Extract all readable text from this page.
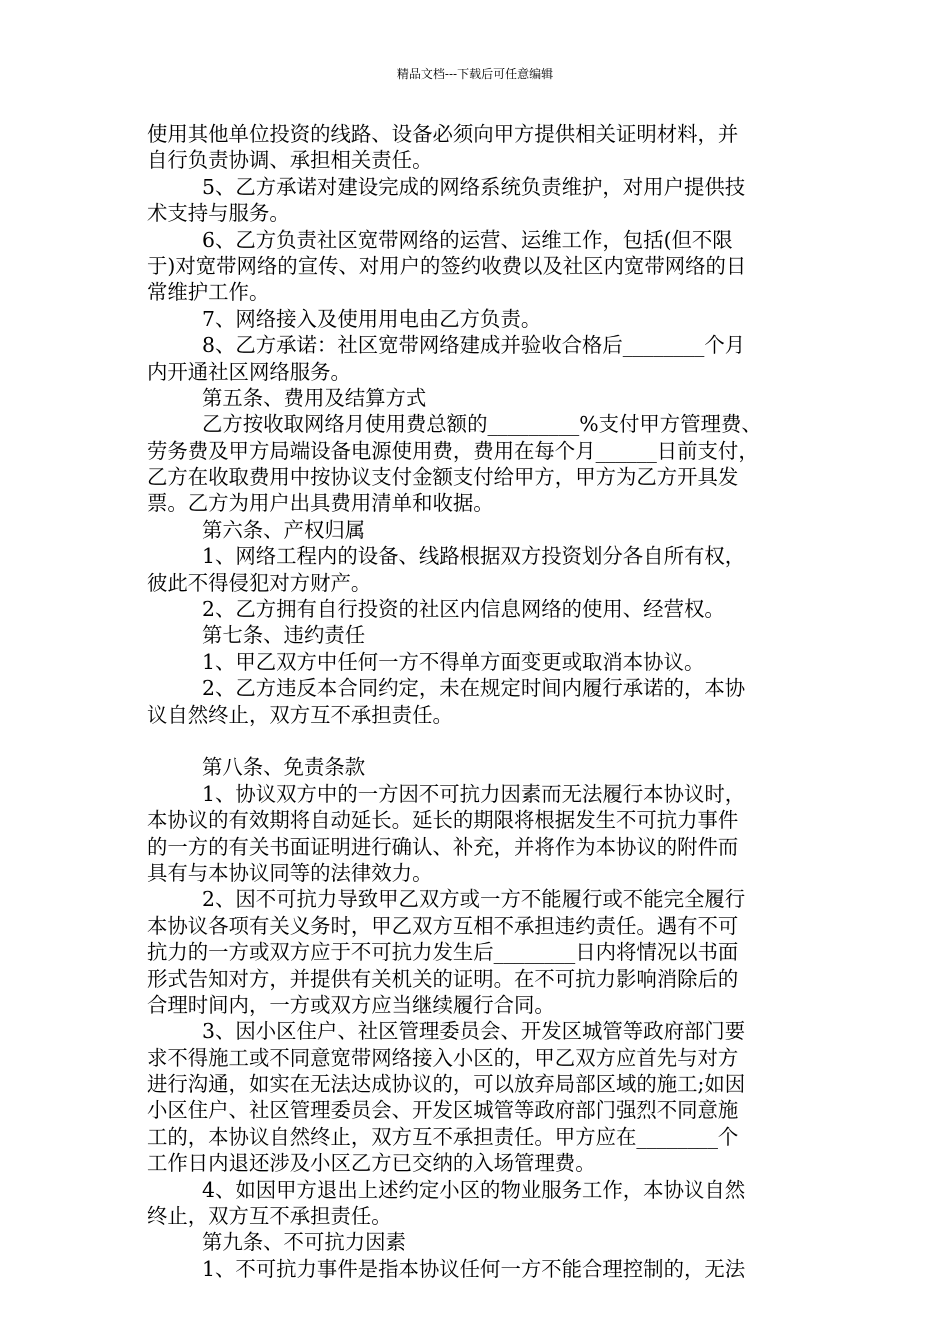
精品文档---下载后可任意编辑
使用其他单位投资的线路、设备必须向甲方提供相关证明材料，并
自行负责协调、承担相关责任。
5、乙方承诺对建设完成的网络系统负责维护，对用户提供技
术支持与服务。
6、乙方负责社区宽带网络的运营、运维工作，包括(但不限
于)对宽带网络的宣传、对用户的签约收费以及社区内宽带网络的日
常维护工作。
7、网络接入及使用用电由乙方负责。
8、乙方承诺：社区宽带网络建成并验收合格后________个月
内开通社区网络服务。
第五条、费用及结算方式
乙方按收取网络月使用费总额的_________%支付甲方管理费、
劳务费及甲方局端设备电源使用费，费用在每个月______日前支付，
乙方在收取费用中按协议支付金额支付给甲方，甲方为乙方开具发
票。乙方为用户出具费用清单和收据。
第六条、产权归属
1、网络工程内的设备、线路根据双方投资划分各自所有权，
彼此不得侵犯对方财产。
2、乙方拥有自行投资的社区内信息网络的使用、经营权。
第七条、违约责任
1、甲乙双方中任何一方不得单方面变更或取消本协议。
2、乙方违反本合同约定，未在规定时间内履行承诺的，本协
议自然终止，双方互不承担责任。
第八条、免责条款
1、协议双方中的一方因不可抗力因素而无法履行本协议时，
本协议的有效期将自动延长。延长的期限将根据发生不可抗力事件
的一方的有关书面证明进行确认、补充，并将作为本协议的附件而
具有与本协议同等的法律效力。
2、因不可抗力导致甲乙双方或一方不能履行或不能完全履行
本协议各项有关义务时，甲乙双方互相不承担违约责任。遇有不可
抗力的一方或双方应于不可抗力发生后________日内将情况以书面
形式告知对方，并提供有关机关的证明。在不可抗力影响消除后的
合理时间内，一方或双方应当继续履行合同。
3、因小区住户、社区管理委员会、开发区城管等政府部门要
求不得施工或不同意宽带网络接入小区的，甲乙双方应首先与对方
进行沟通，如实在无法达成协议的，可以放弃局部区域的施工;如因
小区住户、社区管理委员会、开发区城管等政府部门强烈不同意施
工的，本协议自然终止，双方互不承担责任。甲方应在________个
工作日内退还涉及小区乙方已交纳的入场管理费。
4、如因甲方退出上述约定小区的物业服务工作，本协议自然
终止，双方互不承担责任。
第九条、不可抗力因素
1、不可抗力事件是指本协议任何一方不能合理控制的，无法
